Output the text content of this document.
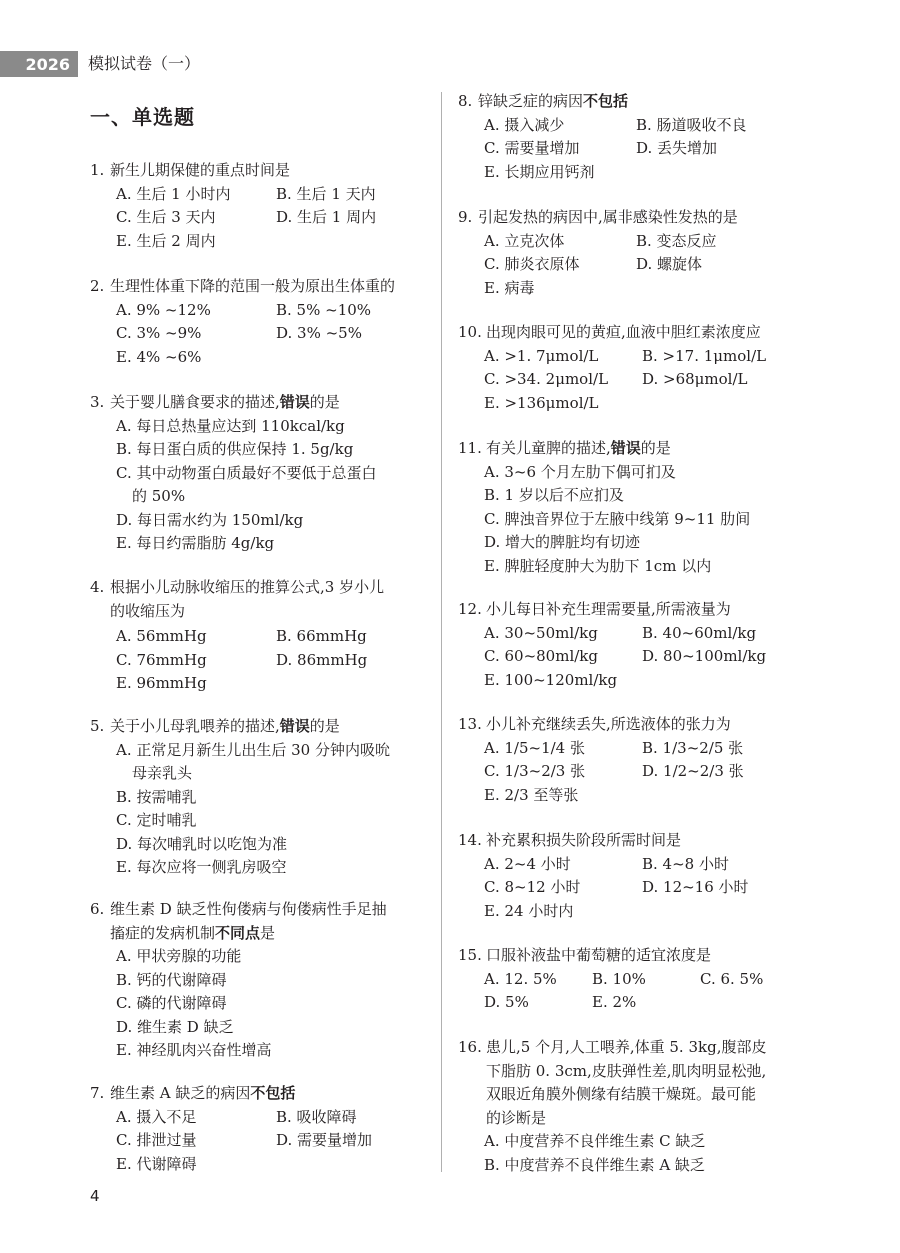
2026 模拟试卷（一）
一、单选题
1. 新生儿期保健的重点时间是
A. 生后 1 小时内	B. 生后 1 天内
C. 生后 3 天内	D. 生后 1 周内
E. 生后 2 周内
2. 生理性体重下降的范围一般为原出生体重的
A. 9% ~12%	B. 5% ~10%
C. 3% ~9%	D. 3% ~5%
E. 4% ~6%
3. 关于婴儿膳食要求的描述,错误的是
A. 每日总热量应达到 110kcal/kg
B. 每日蛋白质的供应保持 1. 5g/kg
C. 其中动物蛋白质最好不要低于总蛋白
的 50%
D. 每日需水约为 150ml/kg
E. 每日约需脂肪 4g/kg
4. 根据小儿动脉收缩压的推算公式,3 岁小儿
的收缩压为
A. 56mmHg	B. 66mmHg
C. 76mmHg	D. 86mmHg
E. 96mmHg
5. 关于小儿母乳喂养的描述,错误的是
A. 正常足月新生儿出生后 30 分钟内吸吮
母亲乳头
B. 按需哺乳
C. 定时哺乳
D. 每次哺乳时以吃饱为准
E. 每次应将一侧乳房吸空
6. 维生素 D 缺乏性佝偻病与佝偻病性手足抽
搐症的发病机制不同点是
A. 甲状旁腺的功能
B. 钙的代谢障碍
C. 磷的代谢障碍
D. 维生素 D 缺乏
E. 神经肌肉兴奋性增高
7. 维生素 A 缺乏的病因不包括
A. 摄入不足	B. 吸收障碍
C. 排泄过量	D. 需要量增加
E. 代谢障碍
8. 锌缺乏症的病因不包括
A. 摄入减少	B. 肠道吸收不良
C. 需要量增加	D. 丢失增加
E. 长期应用钙剂
9. 引起发热的病因中,属非感染性发热的是
A. 立克次体	B. 变态反应
C. 肺炎衣原体	D. 螺旋体
E. 病毒
10. 出现肉眼可见的黄疸,血液中胆红素浓度应
A. >1. 7μmol/L	B. >17. 1μmol/L
C. >34. 2μmol/L	D. >68μmol/L
E. >136μmol/L
11. 有关儿童脾的描述,错误的是
A. 3~6 个月左肋下偶可扪及
B. 1 岁以后不应扪及
C. 脾浊音界位于左腋中线第 9~11 肋间
D. 增大的脾脏均有切迹
E. 脾脏轻度肿大为肋下 1cm 以内
12. 小儿每日补充生理需要量,所需液量为
A. 30~50ml/kg	B. 40~60ml/kg
C. 60~80ml/kg	D. 80~100ml/kg
E. 100~120ml/kg
13. 小儿补充继续丢失,所选液体的张力为
A. 1/5~1/4 张	B. 1/3~2/5 张
C. 1/3~2/3 张	D. 1/2~2/3 张
E. 2/3 至等张
14. 补充累积损失阶段所需时间是
A. 2~4 小时	B. 4~8 小时
C. 8~12 小时	D. 12~16 小时
E. 24 小时内
15. 口服补液盐中葡萄糖的适宜浓度是
A. 12. 5%	B. 10%	C. 6. 5%
D. 5%	E. 2%
16. 患儿,5 个月,人工喂养,体重 5. 3kg,腹部皮
下脂肪 0. 3cm,皮肤弹性差,肌肉明显松弛,
双眼近角膜外侧缘有结膜干燥斑。最可能
的诊断是
A. 中度营养不良伴维生素 C 缺乏
B. 中度营养不良伴维生素 A 缺乏
4
